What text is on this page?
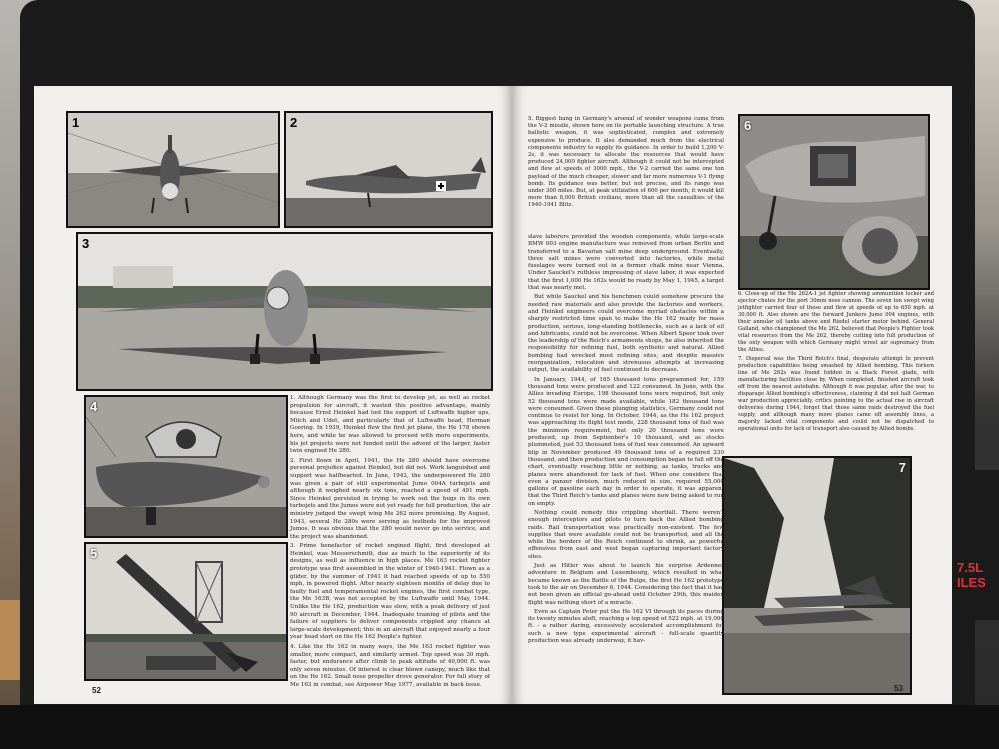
7.5L ILES
1	2
3
4
5

1. Although Germany was the first to develop jet, as well as rocket propulsion for aircraft, it wasted this positive advantage, mainly because Ernst Heinkel had lost the support of Luftwaffe higher ups, Milch and Udet, and particularly that of Luftwaffe head, Herman Goering. In 1939, Heinkel flew the first jet plane, the He 178 shown here, and while he was allowed to proceed with more experiments, his jet projects were not funded until the advent of the larger, faster twin engined He 280.

2. First flown in April, 1941, the He 280 should have overcome personal prejudice against Heinkel, but did not. Work languished and support was halfhearted. In June, 1942, the underpowered He 280 was given a pair of still experimental Jumo 004A turbojets and although it weighed nearly six tons, reached a speed of 491 mph. Since Heinkel persisted in trying to work out the bugs in its own turbojets and the Jumos were not yet ready for full production, the air ministry judged the swept wing Me 262 more promising. By August, 1943, several He 280s were serving as testbeds for the improved Jumos. It was obvious that the 280 would never go into service, and the project was abandoned.

3. Prime benefactor of rocket engined flight, first developed at Heinkel, was Messerschmitt, due as much to the superiority of its designs, as well as influence in high places. Me 163 rocket fighter prototype was first assembled in the winter of 1940-1941. Flown as a glider, by the summer of 1941 it had reached speeds of up to 550 mph, in powered flight. After nearly eighteen months of delay due to faulty fuel and temperamental rocket engines, the first combat type, the Me 163B, was not accepted by the Luftwaffe until May, 1944. Unlike the He 162, production was slow, with a peak delivery of just 90 aircraft in December, 1944. Inadequate training of pilots and the failure of suppliers to deliver components crippled any chance at large-scale development; this in an aircraft that enjoyed nearly a four year head start on the He 162 People's fighter.

4. Like the He 162 in many ways, the Me 163 rocket fighter was smaller, more compact, and similarly armed. Top speed was 30 mph. faster, but endurance after climb to peak altitude of 40,000 ft. was only seven minutes. Of interest is clear blown canopy, much like that on the He 162. Small nose propeller drove generator. For full story of Me 163 in combat, see Airpower May 1977, available in back issue.

52
5. Biggest bang in Germany's arsenal of wonder weapons came from the V-2 missile, shown here on its portable launching structure. A true ballistic weapon, it was sophisticated, complex and extremely expensive to produce. It also demanded much from the electrical components industry to supply its guidance. In order to build 1,200 V-2s, it was necessary to allocate the resources that would have produced 24,000 fighter aircraft. Although it could not be intercepted and flew at speeds of 3000 mph., the V-2 carried the same one ton payload of the much cheaper, slower and far more numerous V-1 flying bomb. Its guidance was better, but not precise, and its range was under 300 miles. But, at peak utilization of 600 per month, it would kill more than 8,000 British civilians, more than all the casualties of the 1940-1941 Blitz.
6

6. Close-up of the Me 262A-1 jet fighter showing ammunition locker and ejector chutes for the port 30mm nose cannon. The seven ton swept wing jetfighter carried four of these and flew at speeds of up to 650 mph. at 30,000 ft. Also shown are the forward Junkers Jumo 004 engines, with their annular oil tanks above and Riedel starter motor behind. General Galland, who championed the Me 262, believed that People's Fighter took vital resources from the Me 262, thereby cutting into full production of the only weapon with which Germany might wrest air supremacy from the Allies.

7. Dispersal was the Third Reich's final, desperate attempt to prevent production capabilities being smashed by Allied bombing. This forlorn line of Me 262s was found hidden in a Black Forest glade, with manufacturing facilities close by. When completed, finished aircraft took off from the nearest autobahn. Although it was popular, after the war, to disparage Allied bombing's effectiveness, claiming it did not halt German war production appreciably, critics pointing to the actual rise in aircraft deliveries during 1944, forget that those same raids destroyed the fuel supply, and although many more planes came off assembly lines, a majority lacked vital components and could not be dispatched to operational units for lack of transport also caused by Allied bombs.

7

slave laborers provided the wooden components, while large-scale BMW 003 engine manufacture was removed from urban Berlin and transferred to a Bavarian salt mine deep underground. Eventually, three salt mines were converted into factories, while metal fuselages were turned out in a former chalk mine near Vienna. Under Sauckel's ruthless impressing of slave labor, it was expected that the first 1,000 He 162s would be ready by May 1, 1945, a target that was nearly met.

But while Sauckel and his henchmen could somehow procure the needed raw materials and also provide the factories and workers, and Heinkel engineers could overcome myriad obstacles within a sharply restricted time span to make the He 162 ready for mass production, serious, long-standing bottlenecks, such as a lack of oil and lubricants, could not be overcome. When Albert Speer took over the leadership of the Reich's armaments shops, he also inherited the responsibility for refining fuel, both synthetic and natural. Allied bombing had wrecked most refining sites, and despite massive reorganization, relocation and strenuous attempts at increasing output, the availability of fuel continued to decrease.

In January, 1944, of 165 thousand tons programmed for, 159 thousand tons were produced and 122 consumed. In June, with the Allies invading Europe, 198 thousand tons were required, but only 52 thousand tons were made available, while 182 thousand tons were consumed. Given these plunging statistics, Germany could not continue to resist for long. In October, 1944, as the He 162 project was approaching its flight test mode, 228 thousand tons of fuel was the minimum requirement, but only 20 thousand tons were produced, up from September's 10 thousand, and as stocks plummeted, just 53 thousand tons of fuel was consumed. An upward blip in November produced 49 thousand tons of a required 230 thousand, and then production and consumption began to fall off the chart, eventually reaching little or nothing, as tanks, trucks and planes were abandoned for lack of fuel. When one considers that even a panzer division, much reduced in size, required 55,000 gallons of gasoline each day in order to operate, it was apparent that the Third Reich's tanks and planes were now being asked to run on empty.

Nothing could remedy this crippling shortfall. There weren't enough interceptors and pilots to turn back the Allied bombing raids. Rail transportation was practically non-existent. The few supplies that were available could not be transported, and all the while the borders of the Reich continued to shrink, as powerful offensives from east and west began capturing important factory sites.

Just as Hitler was about to launch his surprise Ardennes adventure in Belgium and Luxembourg, which resulted in what became known as the Battle of the Bulge, the first He 162 prototype took to the air on December 6, 1944. Considering the fact that it had not been given an official go-ahead until October 29th, this maiden flight was nothing short of a miracle.

Even as Captain Peter put the He 162 VI through its paces during its twenty minutes aloft, reaching a top speed of 522 mph. at 19,000 ft. - a rather daring, excessively accelerated accomplishment for such a new type experimental aircraft - full-scale quantity production was already underway, it hav-

53
